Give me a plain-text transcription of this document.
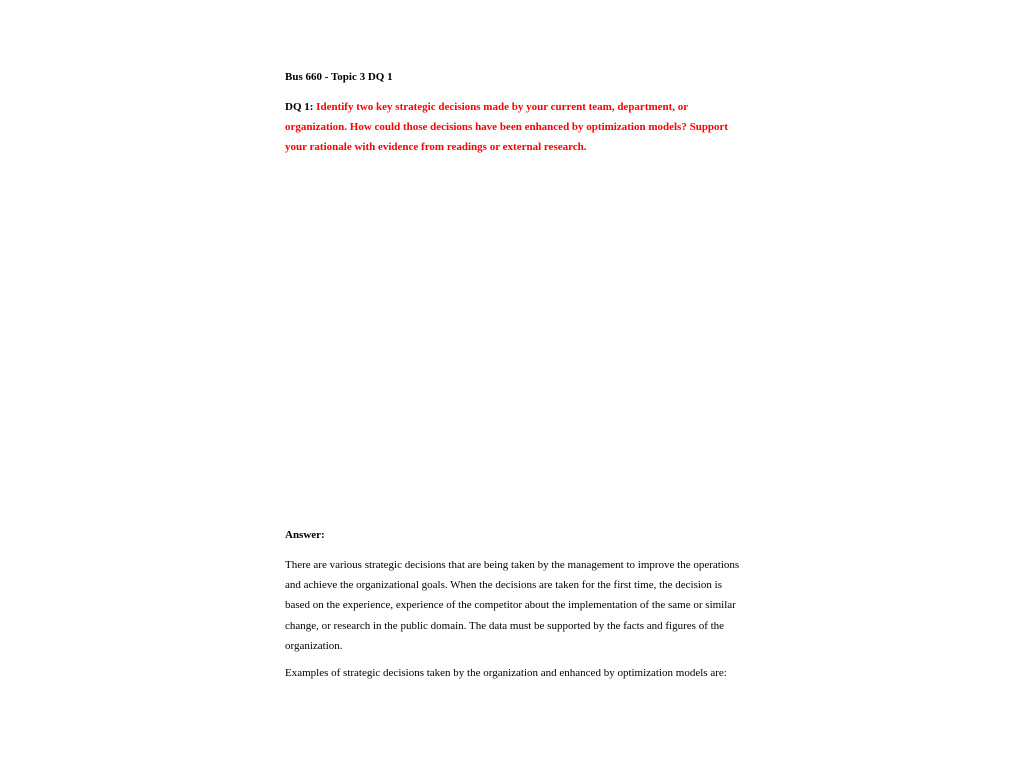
Bus 660 - Topic 3 DQ 1
DQ 1: Identify two key strategic decisions made by your current team, department, or organization. How could those decisions have been enhanced by optimization models? Support your rationale with evidence from readings or external research.
Answer:
There are various strategic decisions that are being taken by the management to improve the operations and achieve the organizational goals. When the decisions are taken for the first time, the decision is based on the experience, experience of the competitor about the implementation of the same or similar change, or research in the public domain. The data must be supported by the facts and figures of the organization.
Examples of strategic decisions taken by the organization and enhanced by optimization models are:
